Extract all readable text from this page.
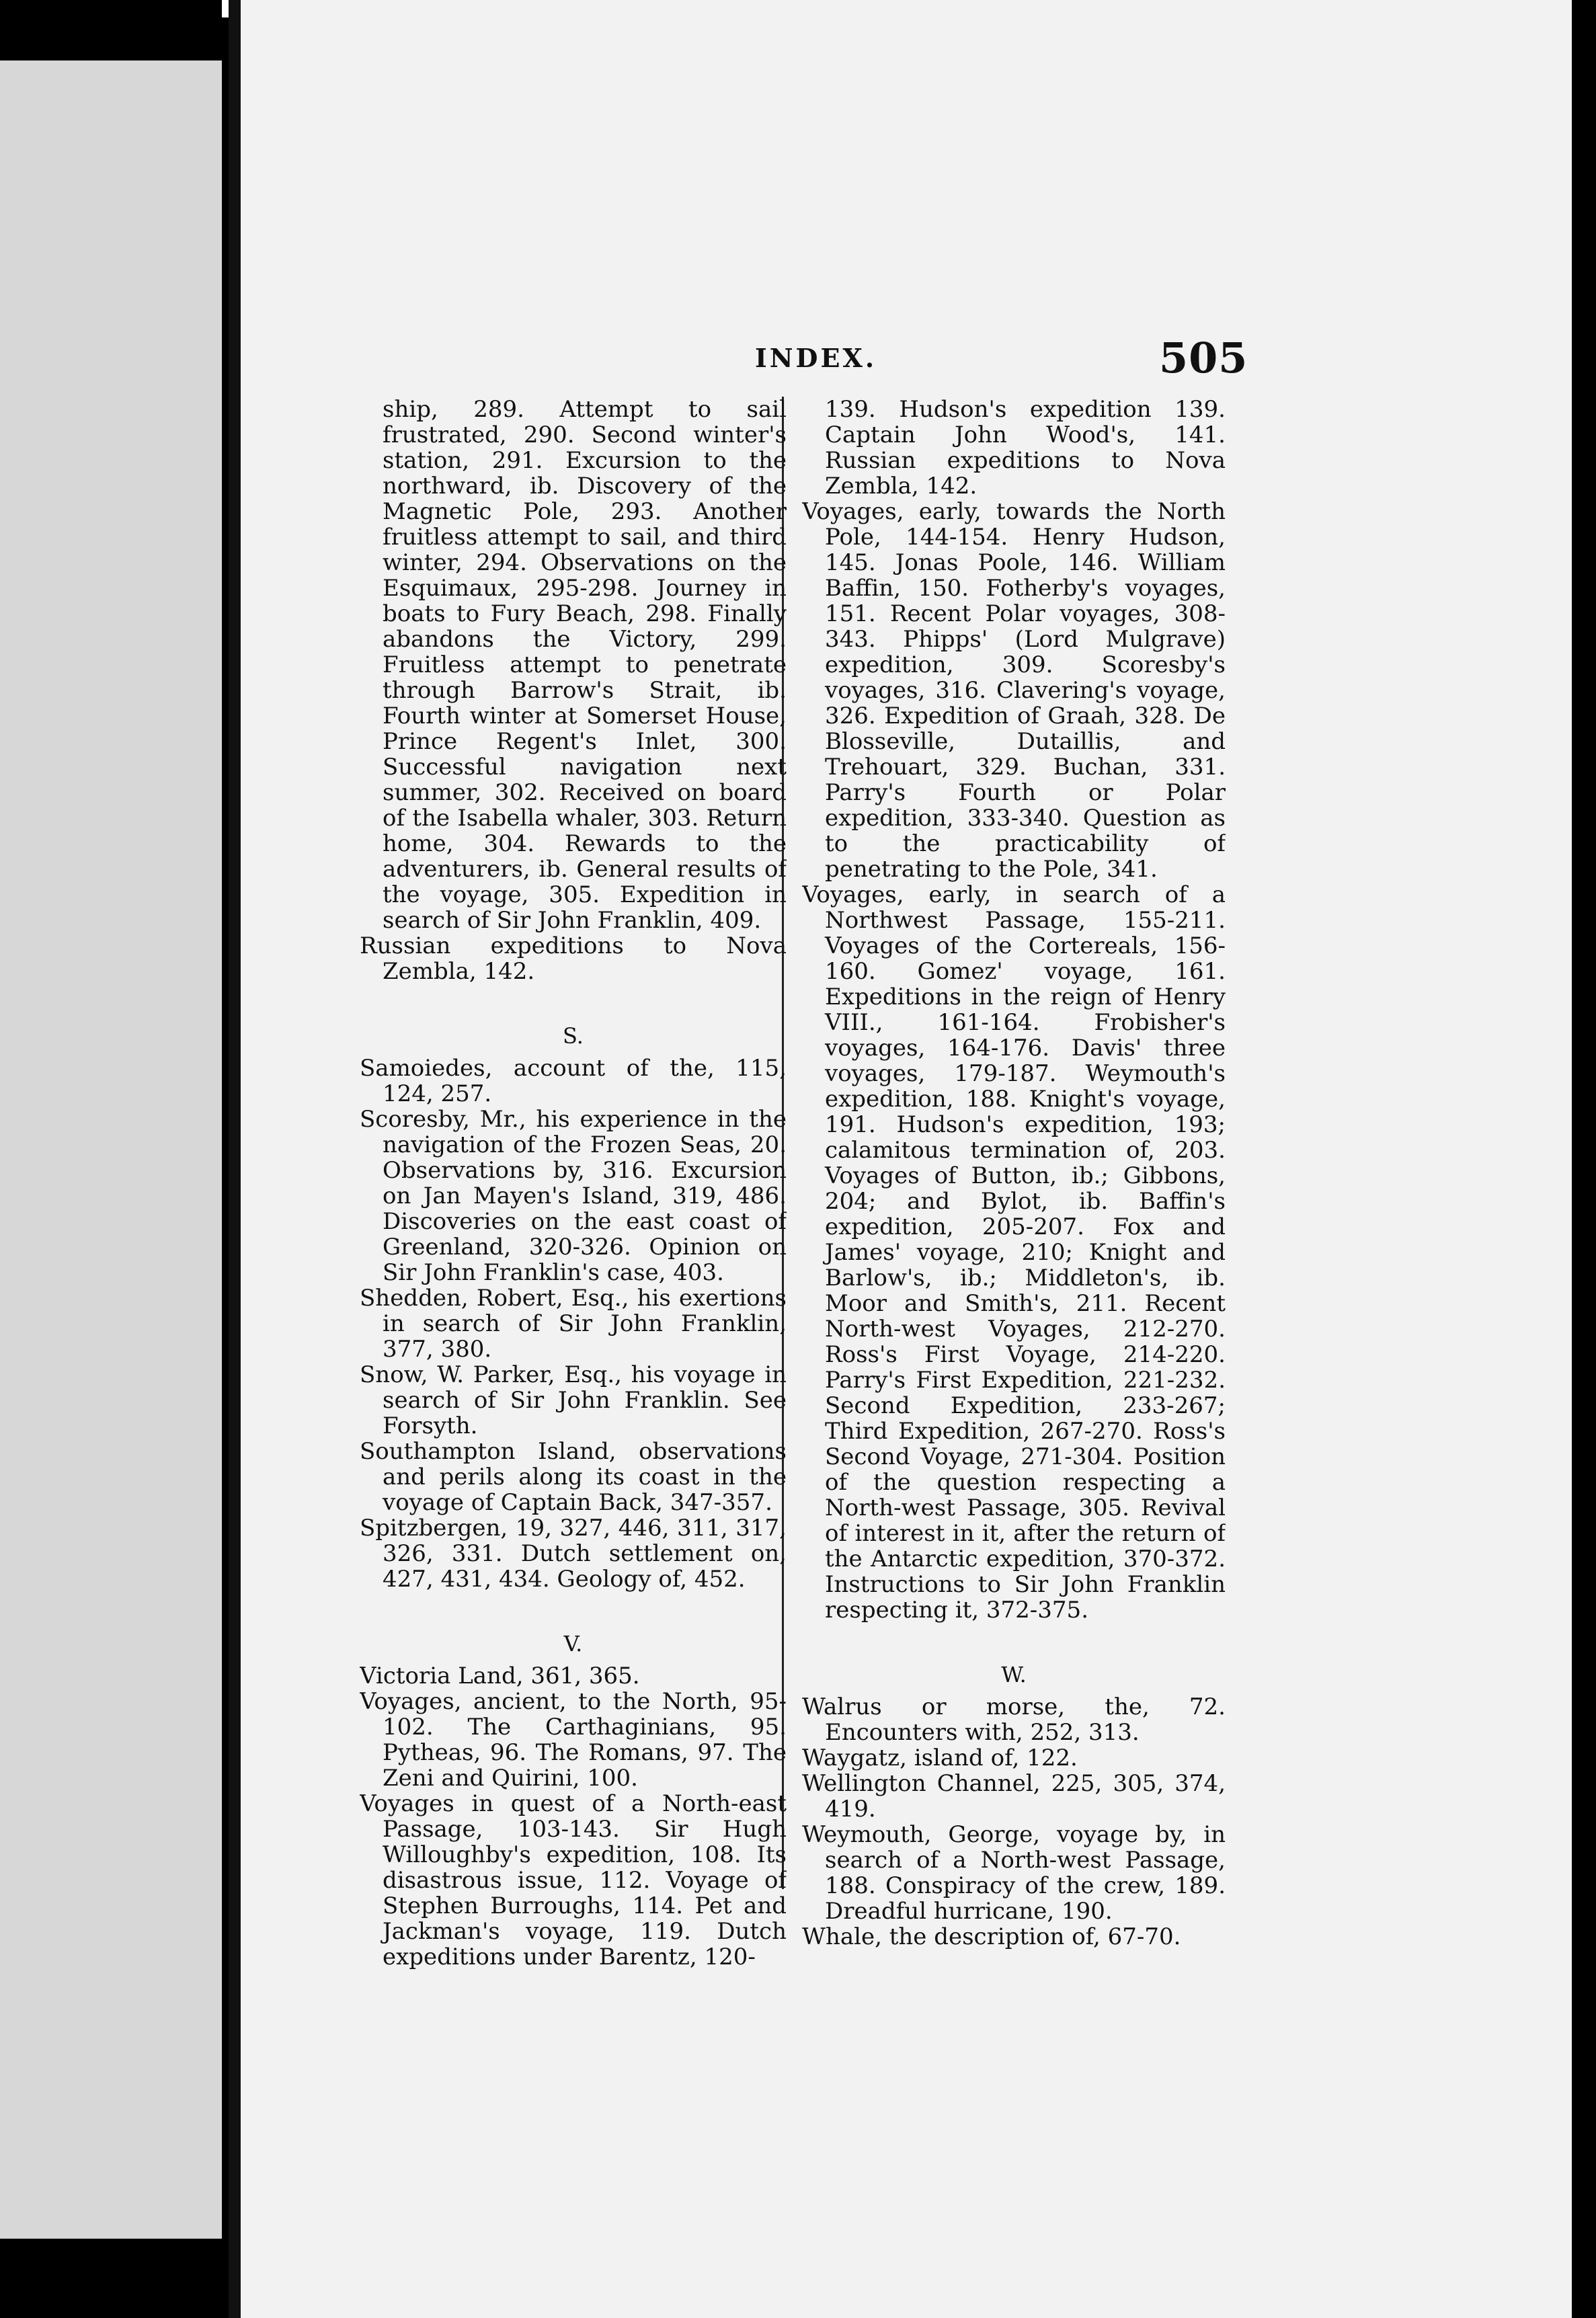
INDEX.	505

ship, 289. Attempt to sail frustrated, 290. Second winter's station, 291. Excursion to the northward, ib. Discovery of the Magnetic Pole, 293. Another fruitless attempt to sail, and third winter, 294. Observations on the Esquimaux, 295-298. Journey in boats to Fury Beach, 298. Finally abandons the Victory, 299. Fruitless attempt to penetrate through Barrow's Strait, ib. Fourth winter at Somerset House, Prince Regent's Inlet, 300. Successful navigation next summer, 302. Received on board of the Isabella whaler, 303. Return home, 304. Rewards to the adventurers, ib. General results of the voyage, 305. Expedition in search of Sir John Franklin, 409.

Russian expeditions to Nova Zembla, 142.

S.

Samoiedes, account of the, 115, 124, 257.

Scoresby, Mr., his experience in the navigation of the Frozen Seas, 20. Observations by, 316. Excursion on Jan Mayen's Island, 319, 486. Discoveries on the east coast of Greenland, 320-326. Opinion on Sir John Franklin's case, 403.

Shedden, Robert, Esq., his exertions in search of Sir John Franklin, 377, 380.

Snow, W. Parker, Esq., his voyage in search of Sir John Franklin. See Forsyth.

Southampton Island, observations and perils along its coast in the voyage of Captain Back, 347-357.

Spitzbergen, 19, 327, 446, 311, 317, 326, 331. Dutch settlement on, 427, 431, 434. Geology of, 452.

V.

Victoria Land, 361, 365.

Voyages, ancient, to the North, 95-102. The Carthaginians, 95. Pytheas, 96. The Romans, 97. The Zeni and Quirini, 100.

Voyages in quest of a North-east Passage, 103-143. Sir Hugh Willoughby's expedition, 108. Its disastrous issue, 112. Voyage of Stephen Burroughs, 114. Pet and Jackman's voyage, 119. Dutch expeditions under Barentz, 120-

139. Hudson's expedition 139. Captain John Wood's, 141. Russian expeditions to Nova Zembla, 142.

Voyages, early, towards the North Pole, 144-154. Henry Hudson, 145. Jonas Poole, 146. William Baffin, 150. Fotherby's voyages, 151. Recent Polar voyages, 308-343. Phipps' (Lord Mulgrave) expedition, 309. Scoresby's voyages, 316. Clavering's voyage, 326. Expedition of Graah, 328. De Blosseville, Dutaillis, and Trehouart, 329. Buchan, 331. Parry's Fourth or Polar expedition, 333-340. Question as to the practicability of penetrating to the Pole, 341.

Voyages, early, in search of a Northwest Passage, 155-211. Voyages of the Cortereals, 156-160. Gomez' voyage, 161. Expeditions in the reign of Henry VIII., 161-164. Frobisher's voyages, 164-176. Davis' three voyages, 179-187. Weymouth's expedition, 188. Knight's voyage, 191. Hudson's expedition, 193; calamitous termination of, 203. Voyages of Button, ib.; Gibbons, 204; and Bylot, ib. Baffin's expedition, 205-207. Fox and James' voyage, 210; Knight and Barlow's, ib.; Middleton's, ib. Moor and Smith's, 211. Recent North-west Voyages, 212-270. Ross's First Voyage, 214-220. Parry's First Expedition, 221-232. Second Expedition, 233-267; Third Expedition, 267-270. Ross's Second Voyage, 271-304. Position of the question respecting a North-west Passage, 305. Revival of interest in it, after the return of the Antarctic expedition, 370-372. Instructions to Sir John Franklin respecting it, 372-375.

W.

Walrus or morse, the, 72. Encounters with, 252, 313.

Waygatz, island of, 122.

Wellington Channel, 225, 305, 374, 419.

Weymouth, George, voyage by, in search of a North-west Passage, 188. Conspiracy of the crew, 189. Dreadful hurricane, 190.

Whale, the description of, 67-70.
